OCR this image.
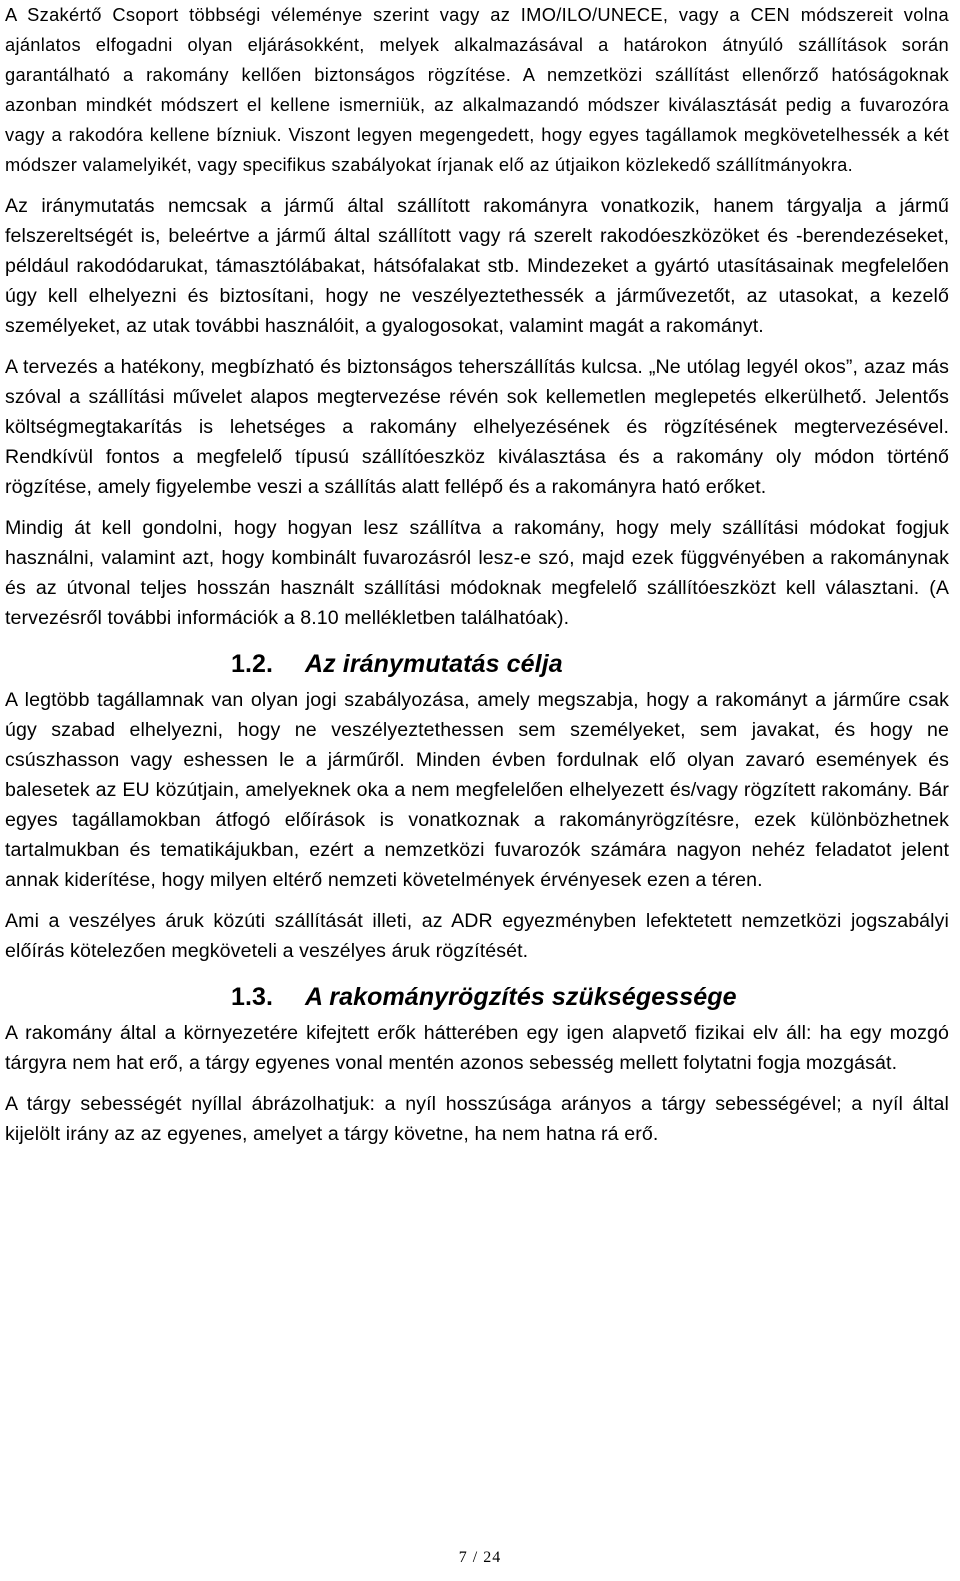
A Szakértő Csoport többségi véleménye szerint vagy az IMO/ILO/UNECE, vagy a CEN módszereit volna ajánlatos elfogadni olyan eljárásokként, melyek alkalmazásával a határokon átnyúló szállítások során garantálható a rakomány kellően biztonságos rögzítése. A nemzetközi szállítást ellenőrző hatóságoknak azonban mindkét módszert el kellene ismerniük, az alkalmazandó módszer kiválasztását pedig a fuvarozóra vagy a rakodóra kellene bízniuk. Viszont legyen megengedett, hogy egyes tagállamok megkövetelhessék a két módszer valamelyikét, vagy specifikus szabályokat írjanak elő az útjaikon közlekedő szállítmányokra.

Az iránymutatás nemcsak a jármű által szállított rakományra vonatkozik, hanem tárgyalja a jármű felszereltségét is, beleértve a jármű által szállított vagy rá szerelt rakodóeszközöket és -berendezéseket, például rakodódarukat, támasztólábakat, hátsófalakat stb. Mindezeket a gyártó utasításainak megfelelően úgy kell elhelyezni és biztosítani, hogy ne veszélyeztethessék a járművezetőt, az utasokat, a kezelő személyeket, az utak további használóit, a gyalogosokat, valamint magát a rakományt.

A tervezés a hatékony, megbízható és biztonságos teherszállítás kulcsa. „Ne utólag legyél okos”, azaz más szóval a szállítási művelet alapos megtervezése révén sok kellemetlen meglepetés elkerülhető. Jelentős költségmegtakarítás is lehetséges a rakomány elhelyezésének és rögzítésének megtervezésével. Rendkívül fontos a megfelelő típusú szállítóeszköz kiválasztása és a rakomány oly módon történő rögzítése, amely figyelembe veszi a szállítás alatt fellépő és a rakományra ható erőket.

Mindig át kell gondolni, hogy hogyan lesz szállítva a rakomány, hogy mely szállítási módokat fogjuk használni, valamint azt, hogy kombinált fuvarozásról lesz-e szó, majd ezek függvényében a rakománynak és az útvonal teljes hosszán használt szállítási módoknak megfelelő szállítóeszközt kell választani. (A tervezésről további információk a 8.10 mellékletben találhatóak).

1.2. Az iránymutatás célja

A legtöbb tagállamnak van olyan jogi szabályozása, amely megszabja, hogy a rakományt a járműre csak úgy szabad elhelyezni, hogy ne veszélyeztethessen sem személyeket, sem javakat, és hogy ne csúszhasson vagy eshessen le a járműről. Minden évben fordulnak elő olyan zavaró események és balesetek az EU közútjain, amelyeknek oka a nem megfelelően elhelyezett és/vagy rögzített rakomány. Bár egyes tagállamokban átfogó előírások is vonatkoznak a rakományrögzítésre, ezek különbözhetnek tartalmukban és tematikájukban, ezért a nemzetközi fuvarozók számára nagyon nehéz feladatot jelent annak kiderítése, hogy milyen eltérő nemzeti követelmények érvényesek ezen a téren.

Ami a veszélyes áruk közúti szállítását illeti, az ADR egyezményben lefektetett nemzetközi jogszabályi előírás kötelezően megköveteli a veszélyes áruk rögzítését.

1.3. A rakományrögzítés szükségessége

A rakomány által a környezetére kifejtett erők hátterében egy igen alapvető fizikai elv áll: ha egy mozgó tárgyra nem hat erő, a tárgy egyenes vonal mentén azonos sebesség mellett folytatni fogja mozgását.

A tárgy sebességét nyíllal ábrázolhatjuk: a nyíl hosszúsága arányos a tárgy sebességével; a nyíl által kijelölt irány az az egyenes, amelyet a tárgy követne, ha nem hatna rá erő.

7 / 24
